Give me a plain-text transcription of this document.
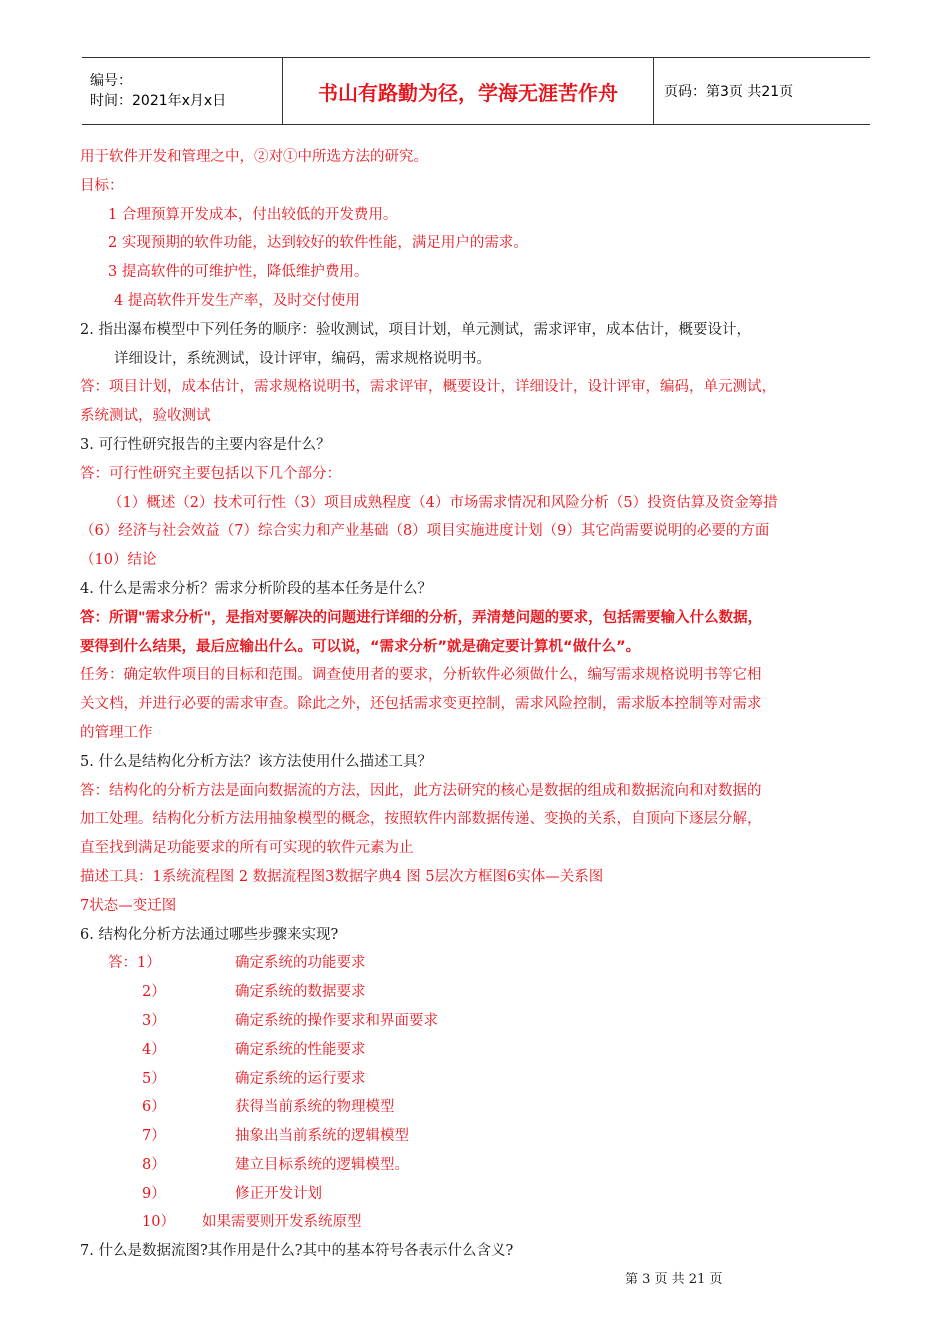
编号：
时间：2021年x月x日	书山有路勤为径，学海无涯苦作舟	页码：第3页 共21页
用于软件开发和管理之中，②对①中所选方法的研究。
目标：
1 合理预算开发成本，付出较低的开发费用。
2 实现预期的软件功能，达到较好的软件性能，满足用户的需求。
3 提高软件的可维护性，降低维护费用。
4 提高软件开发生产率，及时交付使用
2. 指出瀑布模型中下列任务的顺序：验收测试，项目计划，单元测试，需求评审，成本估计，概要设计，
详细设计，系统测试，设计评审，编码，需求规格说明书。
答：项目计划，成本估计，需求规格说明书，需求评审，概要设计，详细设计，设计评审，编码，单元测试，
系统测试，验收测试
3. 可行性研究报告的主要内容是什么？
答：可行性研究主要包括以下几个部分：
（1）概述（2）技术可行性（3）项目成熟程度（4）市场需求情况和风险分析（5）投资估算及资金筹措
（6）经济与社会效益（7）综合实力和产业基础（8）项目实施进度计划（9）其它尚需要说明的必要的方面
（10）结论
4. 什么是需求分析？需求分析阶段的基本任务是什么？
答：所谓"需求分析"，是指对要解决的问题进行详细的分析，弄清楚问题的要求，包括需要输入什么数据，
要得到什么结果，最后应输出什么。可以说，“需求分析”就是确定要计算机“做什么”。
任务：确定软件项目的目标和范围。调查使用者的要求，分析软件必须做什么，编写需求规格说明书等它相
关文档，并进行必要的需求审查。除此之外，还包括需求变更控制，需求风险控制，需求版本控制等对需求
的管理工作
5. 什么是结构化分析方法？该方法使用什么描述工具？
答：结构化的分析方法是面向数据流的方法，因此，此方法研究的核心是数据的组成和数据流向和对数据的
加工处理。结构化分析方法用抽象模型的概念，按照软件内部数据传递、变换的关系，自顶向下逐层分解，
直至找到满足功能要求的所有可实现的软件元素为止
描述工具：1系统流程图 2 数据流程图3数据字典4 图 5层次方框图6实体—关系图
7状态—变迁图
6. 结构化分析方法通过哪些步骤来实现?
答：1）	确定系统的功能要求
2）	确定系统的数据要求
3）	确定系统的操作要求和界面要求
4）	确定系统的性能要求
5）	确定系统的运行要求
6）	获得当前系统的物理模型
7）	抽象出当前系统的逻辑模型
8）	建立目标系统的逻辑模型。
9）	修正开发计划
10） 如果需要则开发系统原型
7. 什么是数据流图?其作用是什么?其中的基本符号各表示什么含义?
第 3 页 共 21 页
